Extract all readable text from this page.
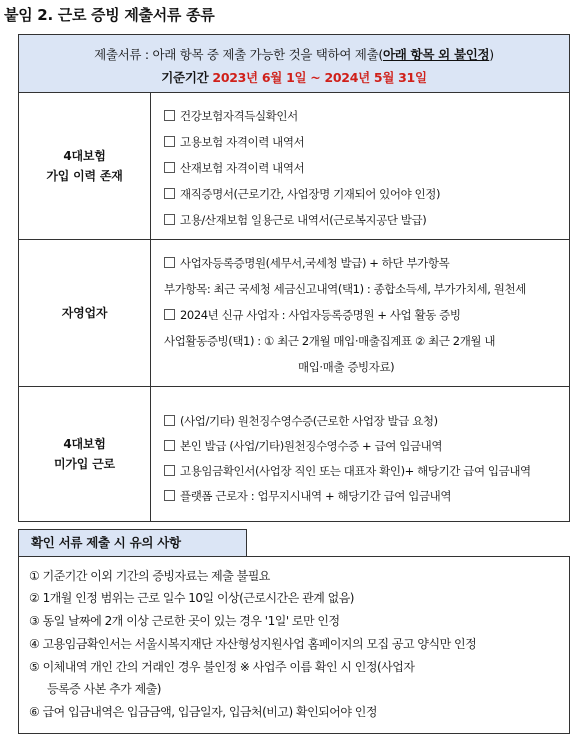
붙임 2. 근로 증빙 제출서류 종류
제출서류 : 아래 항목 중 제출 가능한 것을 택하여 제출(아래 항목 외 불인정)
기준기간 2023년 6월 1일 ~ 2024년 5월 31일
4대보험
가입 이력 존재
건강보험자격득실확인서
고용보험 자격이력 내역서
산재보험 자격이력 내역서
재직증명서(근로기간, 사업장명 기재되어 있어야 인정)
고용/산재보험 일용근로 내역서(근로복지공단 발급)
자영업자
사업자등록증명원(세무서,국세청 발급) + 하단 부가항목
부가항목: 최근 국세청 세금신고내역(택1) : 종합소득세, 부가가치세, 원천세
2024년 신규 사업자 : 사업자등록증명원 + 사업 활동 증빙
사업활동증빙(택1) : ① 최근 2개월 매입·매출집계표 ② 최근 2개월 내
매입·매출 증빙자료)
4대보험
미가입 근로
(사업/기타) 원천징수영수증(근로한 사업장 발급 요청)
본인 발급 (사업/기타)원천징수영수증 + 급여 입금내역
고용임금확인서(사업장 직인 또는 대표자 확인)+ 해당기간 급여 입금내역
플랫폼 근로자 : 업무지시내역 + 해당기간 급여 입금내역
확인 서류 제출 시 유의 사항
① 기준기간 이외 기간의 증빙자료는 제출 불필요
② 1개월 인정 범위는 근로 일수 10일 이상(근로시간은 관계 없음)
③ 동일 날짜에 2개 이상 근로한 곳이 있는 경우 '1일' 로만 인정
④ 고용임금확인서는 서울시복지재단 자산형성지원사업 홈페이지의 모집 공고 양식만 인정
⑤ 이체내역 개인 간의 거래인 경우 불인정 ※ 사업주 이름 확인 시 인정(사업자
등록증 사본 추가 제출)
⑥ 급여 입금내역은 입금금액, 입금일자, 입금처(비고) 확인되어야 인정
